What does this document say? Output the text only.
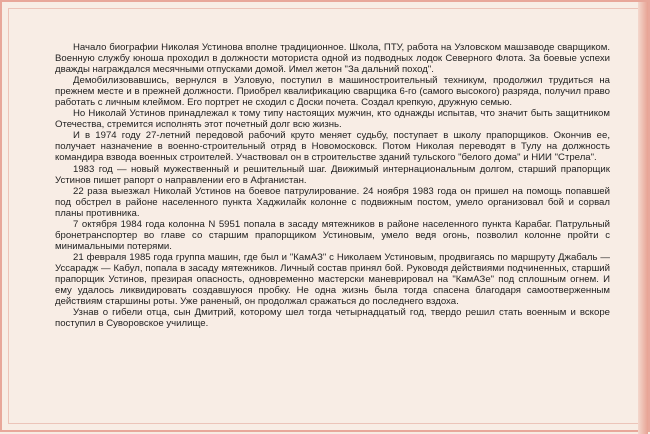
Начало биографии Николая Устинова вполне традиционное. Школа, ПТУ, работа на Узловском машзаводе сварщиком. Военную службу юноша проходил в должности моториста одной из подводных лодок Северного Флота. За боевые успехи дважды награждался месячными отпусками домой. Имел жетон "За дальний поход".

Демобилизовавшись, вернулся в Узловую, поступил в машиностроительный техникум, продолжил трудиться на прежнем месте и в прежней должности. Приобрел квалификацию сварщика 6-го (самого высокого) разряда, получил право работать с личным клеймом. Его портрет не сходил с Доски почета. Создал крепкую, дружную семью.

Но Николай Устинов принадлежал к тому типу настоящих мужчин, кто однажды испытав, что значит быть защитником Отечества, стремится исполнять этот почетный долг всю жизнь.

И в 1974 году 27-летний передовой рабочий круто меняет судьбу, поступает в школу прапорщиков. Окончив ее, получает назначение в военно-строительный отряд в Новомосковск. Потом Николая переводят в Тулу на должность командира взвода военных строителей. Участвовал он в строительстве зданий тульского "белого дома" и НИИ "Стрела".

1983 год — новый мужественный и решительный шаг. Движимый интернациональным долгом, старший прапорщик Устинов пишет рапорт о направлении его в Афганистан.

22 раза выезжал Николай Устинов на боевое патрулирование. 24 ноября 1983 года он пришел на помощь попавшей под обстрел в районе населенного пункта Хаджилайк колонне с подвижным постом, умело организовал бой и сорвал планы противника.

7 октября 1984 года колонна N 5951 попала в засаду мятежников в районе населенного пункта Карабаг. Патрульный бронетранспортер во главе со старшим прапорщиком Устиновым, умело ведя огонь, позволил колонне пройти с минимальными потерями.

21 февраля 1985 года группа машин, где был и "КамАЗ" с Николаем Устиновым, продвигаясь по маршруту Джабаль — Уссарадж — Кабул, попала в засаду мятежников. Личный состав принял бой. Руководя действиями подчиненных, старший прапорщик Устинов, презирая опасность, одновременно мастерски маневрировал на "КамАЗе" под сплошным огнем. И ему удалось ликвидировать создавшуюся пробку. Не одна жизнь была тогда спасена благодаря самоотверженным действиям старшины роты. Уже раненый, он продолжал сражаться до последнего вздоха.

Узнав о гибели отца, сын Дмитрий, которому шел тогда четырнадцатый год, твердо решил стать военным и вскоре поступил в Суворовское училище.
